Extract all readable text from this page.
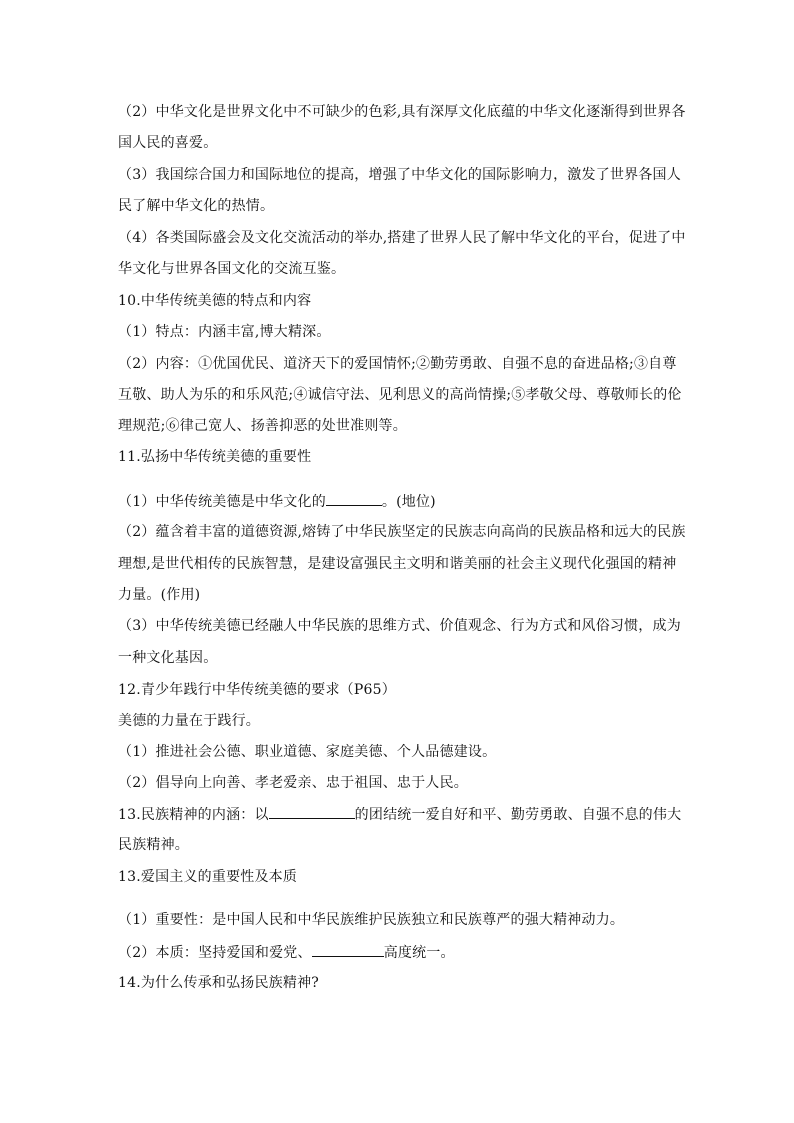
（2）中华文化是世界文化中不可缺少的色彩,具有深厚文化底蕴的中华文化逐渐得到世界各
国人民的喜爱。
（3）我国综合国力和国际地位的提高，增强了中华文化的国际影响力，激发了世界各国人
民了解中华文化的热情。
（4）各类国际盛会及文化交流活动的举办,搭建了世界人民了解中华文化的平台，促进了中
华文化与世界各国文化的交流互鉴。
10.中华传统美德的特点和内容
（1）特点：内涵丰富,博大精深。
（2）内容：①优国优民、道济天下的爱国情怀;②勤劳勇敢、自强不息的奋进品格;③自尊
互敬、助人为乐的和乐风范;④诚信守法、见利思义的高尚情操;⑤孝敬父母、尊敬师长的伦
理规范;⑥律己宽人、扬善抑恶的处世准则等。
11.弘扬中华传统美德的重要性
（1）中华传统美德是中华文化的	。(地位)
（2）蕴含着丰富的道德资源,熔铸了中华民族坚定的民族志向高尚的民族品格和远大的民族
理想,是世代相传的民族智慧，是建设富强民主文明和谐美丽的社会主义现代化强国的精神
力量。(作用)
（3）中华传统美德已经融人中华民族的思维方式、价值观念、行为方式和风俗习惯，成为
一种文化基因。
12.青少年践行中华传统美德的要求（P65）
美德的力量在于践行。
（1）推进社会公德、职业道德、家庭美德、个人品德建设。
（2）倡导向上向善、孝老爱亲、忠于祖国、忠于人民。
13.民族精神的内涵：以	的团结统一爱自好和平、勤劳勇敢、自强不息的伟大
民族精神。
13.爱国主义的重要性及本质
（1）重要性：是中国人民和中华民族维护民族独立和民族尊严的强大精神动力。
（2）本质：坚持爱国和爱党、	高度统一。
14.为什么传承和弘扬民族精神?
